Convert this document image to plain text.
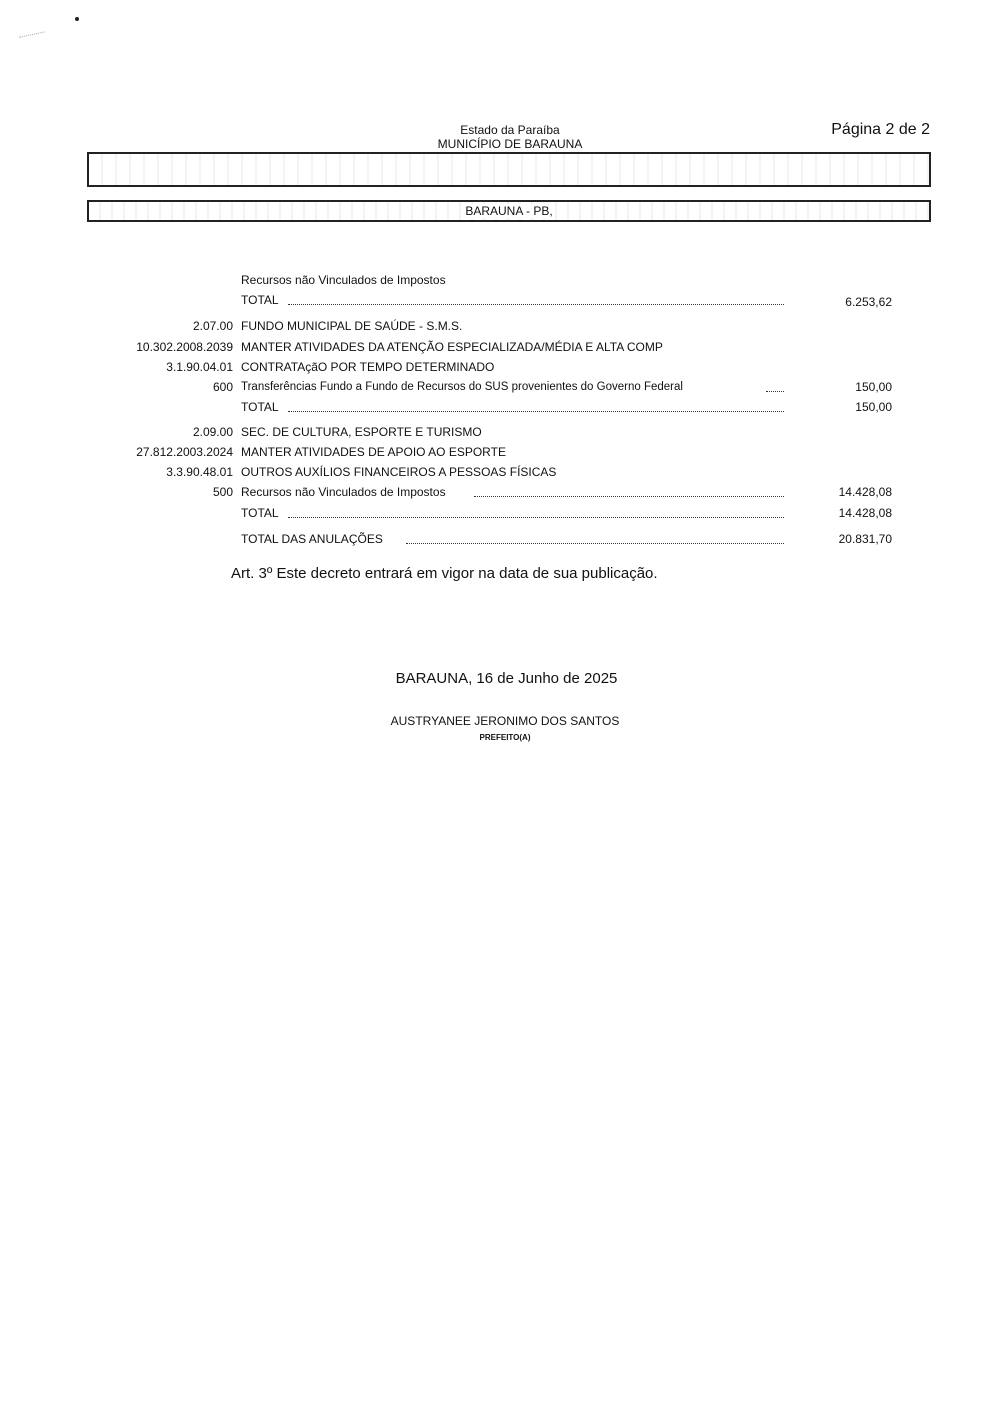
Estado da Paraíba
MUNICÍPIO DE BARAUNA
Página 2 de 2
BARAUNA - PB,
Recursos não Vinculados de Impostos
TOTAL	6.253,62
2.07.00 FUNDO MUNICIPAL DE SAÚDE - S.M.S.
10.302.2008.2039 MANTER ATIVIDADES DA ATENÇÃO ESPECIALIZADA/MÉDIA E ALTA COMP
3.1.90.04.01 CONTRATAçãO POR TEMPO DETERMINADO
600 Transferências Fundo a Fundo de Recursos do SUS provenientes do Governo Federal	150,00
TOTAL	150,00
2.09.00 SEC. DE CULTURA, ESPORTE E TURISMO
27.812.2003.2024 MANTER ATIVIDADES DE APOIO AO ESPORTE
3.3.90.48.01 OUTROS AUXÍLIOS FINANCEIROS A PESSOAS FÍSICAS
500 Recursos não Vinculados de Impostos	14.428,08
TOTAL	14.428,08
TOTAL DAS ANULAÇÕES	20.831,70
Art. 3º Este decreto entrará em vigor na data de sua publicação.
BARAUNA, 16 de Junho de 2025
AUSTRYANEE JERONIMO DOS SANTOS
PREFEITO(A)
